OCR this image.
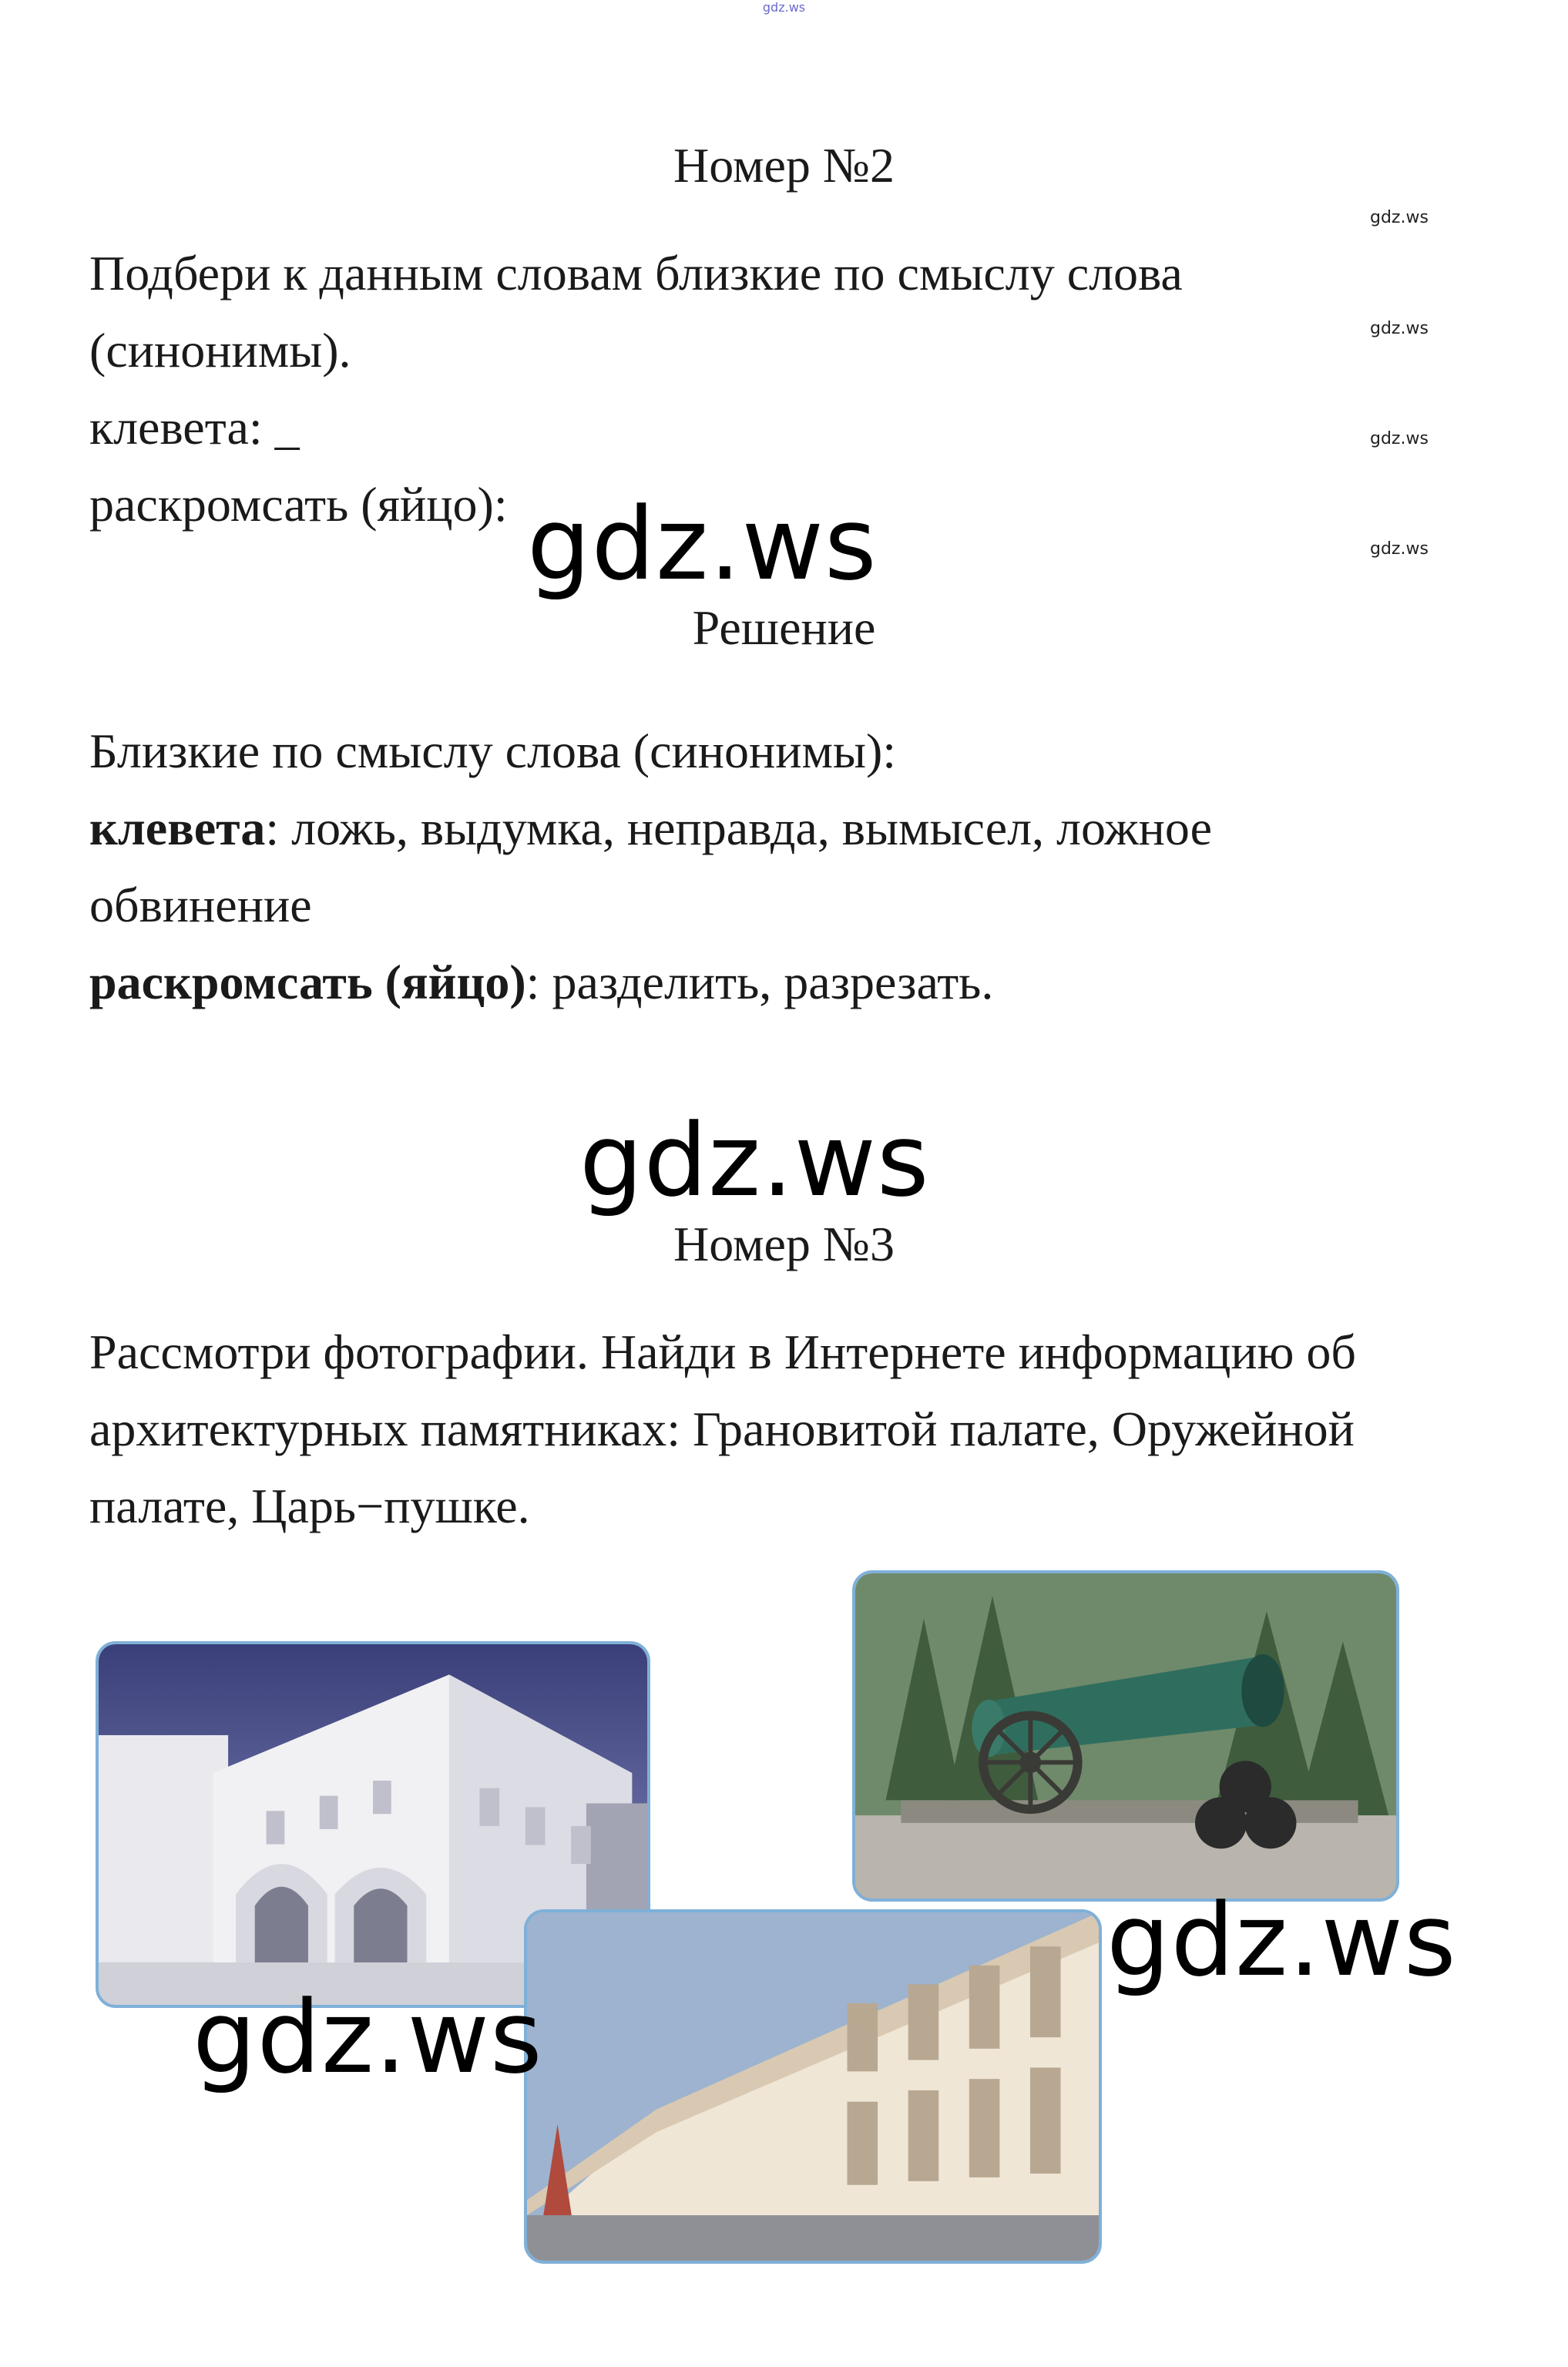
gdz.ws
Номер №2
gdz.ws
gdz.ws
gdz.ws
gdz.ws
Подбери к данным словам близкие по смыслу слова
(синонимы).
клевета: _
раскромсать (яйцо): gdz.ws
Решение
Близкие по смыслу слова (синонимы):
клевета: ложь, выдумка, неправда, вымысел, ложное
обвинение
раскромсать (яйцо): разделить, разрезать.
gdz.ws
Номер №3
Рассмотри фотографии. Найди в Интернете информацию об
архитектурных памятниках: Грановитой палате, Оружейной
палате, Царь−пушке.
gdz.ws
gdz.ws
